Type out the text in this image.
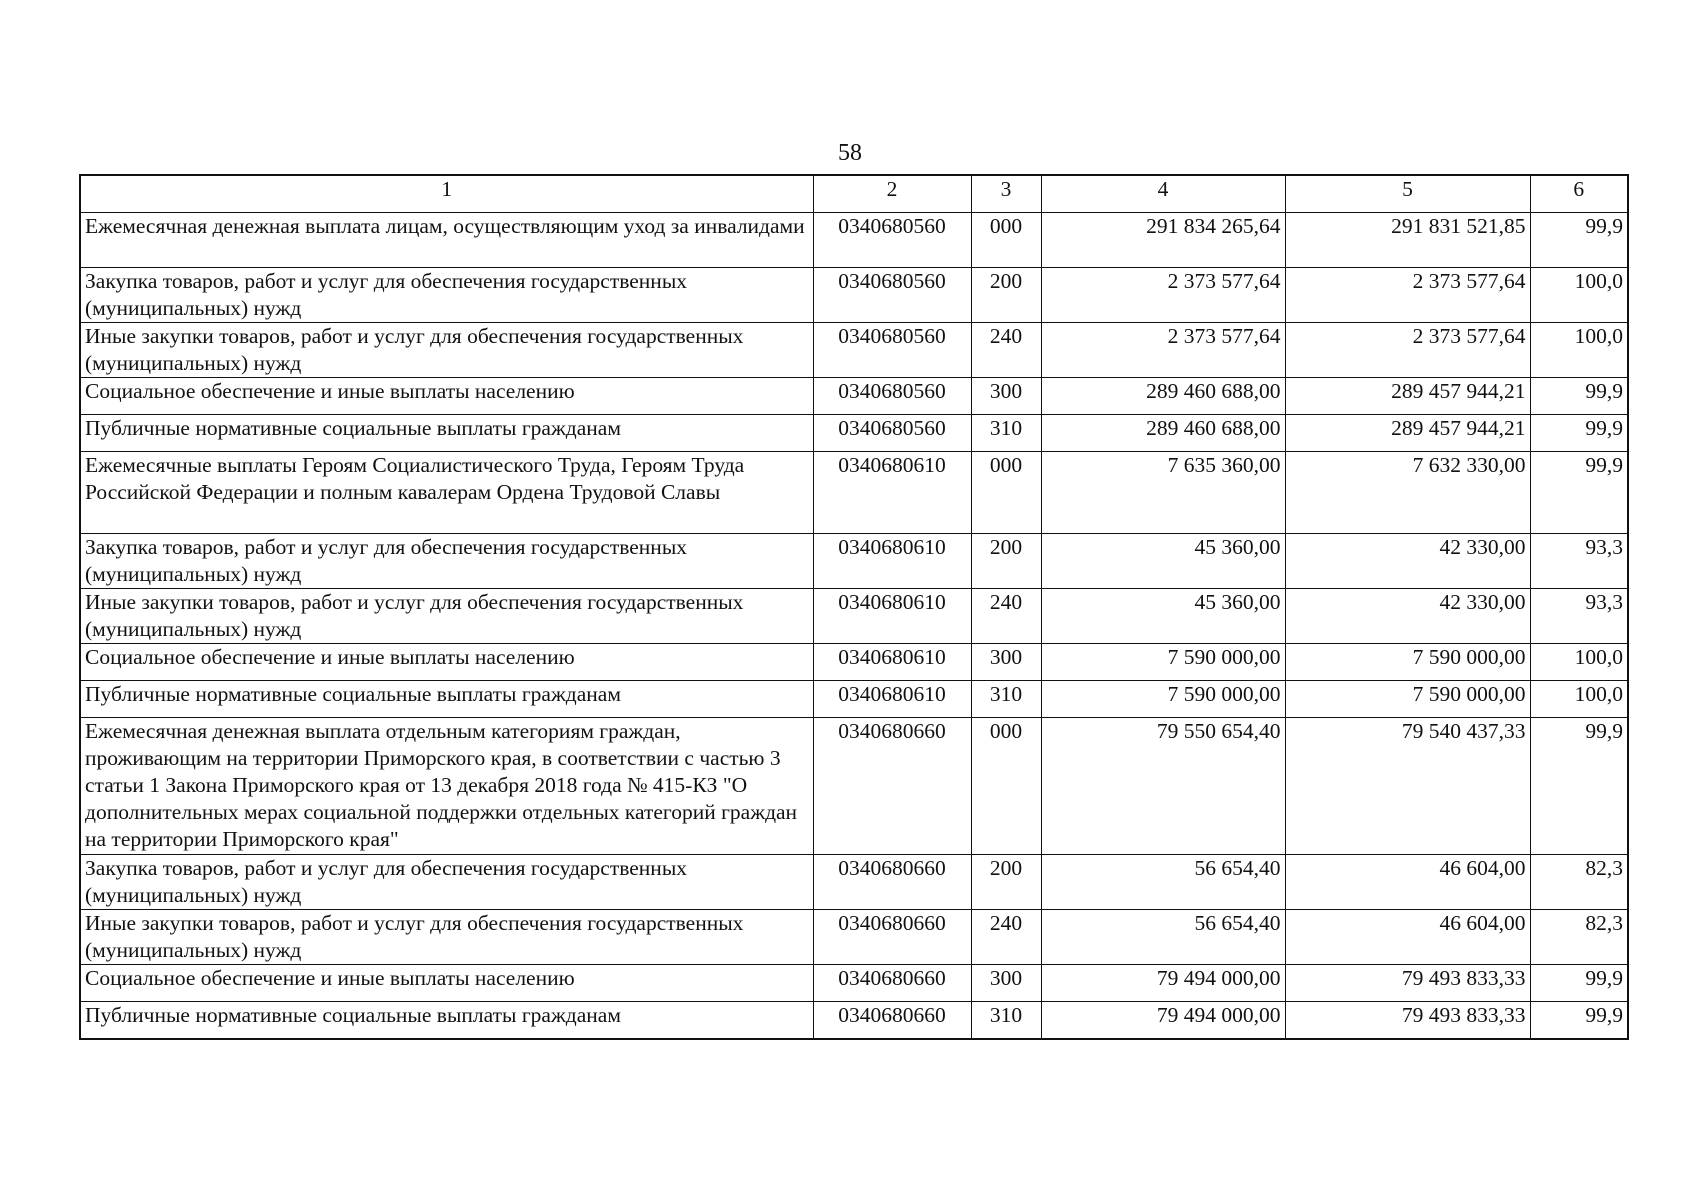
58
1	2	3	4	5	6
Ежемесячная денежная выплата лицам, осуществляющим уход за инвалидами	0340680560	000	291 834 265,64	291 831 521,85	99,9
Закупка товаров, работ и услуг для обеспечения государственных (муниципальных) нужд	0340680560	200	2 373 577,64	2 373 577,64	100,0
Иные закупки товаров, работ и услуг для обеспечения государственных (муниципальных) нужд	0340680560	240	2 373 577,64	2 373 577,64	100,0
Социальное обеспечение и иные выплаты населению	0340680560	300	289 460 688,00	289 457 944,21	99,9
Публичные нормативные социальные выплаты гражданам	0340680560	310	289 460 688,00	289 457 944,21	99,9
Ежемесячные выплаты Героям Социалистического Труда, Героям Труда Российской Федерации и полным кавалерам Ордена Трудовой Славы	0340680610	000	7 635 360,00	7 632 330,00	99,9
Закупка товаров, работ и услуг для обеспечения государственных (муниципальных) нужд	0340680610	200	45 360,00	42 330,00	93,3
Иные закупки товаров, работ и услуг для обеспечения государственных (муниципальных) нужд	0340680610	240	45 360,00	42 330,00	93,3
Социальное обеспечение и иные выплаты населению	0340680610	300	7 590 000,00	7 590 000,00	100,0
Публичные нормативные социальные выплаты гражданам	0340680610	310	7 590 000,00	7 590 000,00	100,0
Ежемесячная денежная выплата отдельным категориям граждан, проживающим на территории Приморского края, в соответствии с частью 3 статьи 1 Закона Приморского края от 13 декабря 2018 года № 415-КЗ "О дополнительных мерах социальной поддержки отдельных категорий граждан на территории Приморского края"	0340680660	000	79 550 654,40	79 540 437,33	99,9
Закупка товаров, работ и услуг для обеспечения государственных (муниципальных) нужд	0340680660	200	56 654,40	46 604,00	82,3
Иные закупки товаров, работ и услуг для обеспечения государственных (муниципальных) нужд	0340680660	240	56 654,40	46 604,00	82,3
Социальное обеспечение и иные выплаты населению	0340680660	300	79 494 000,00	79 493 833,33	99,9
Публичные нормативные социальные выплаты гражданам	0340680660	310	79 494 000,00	79 493 833,33	99,9
